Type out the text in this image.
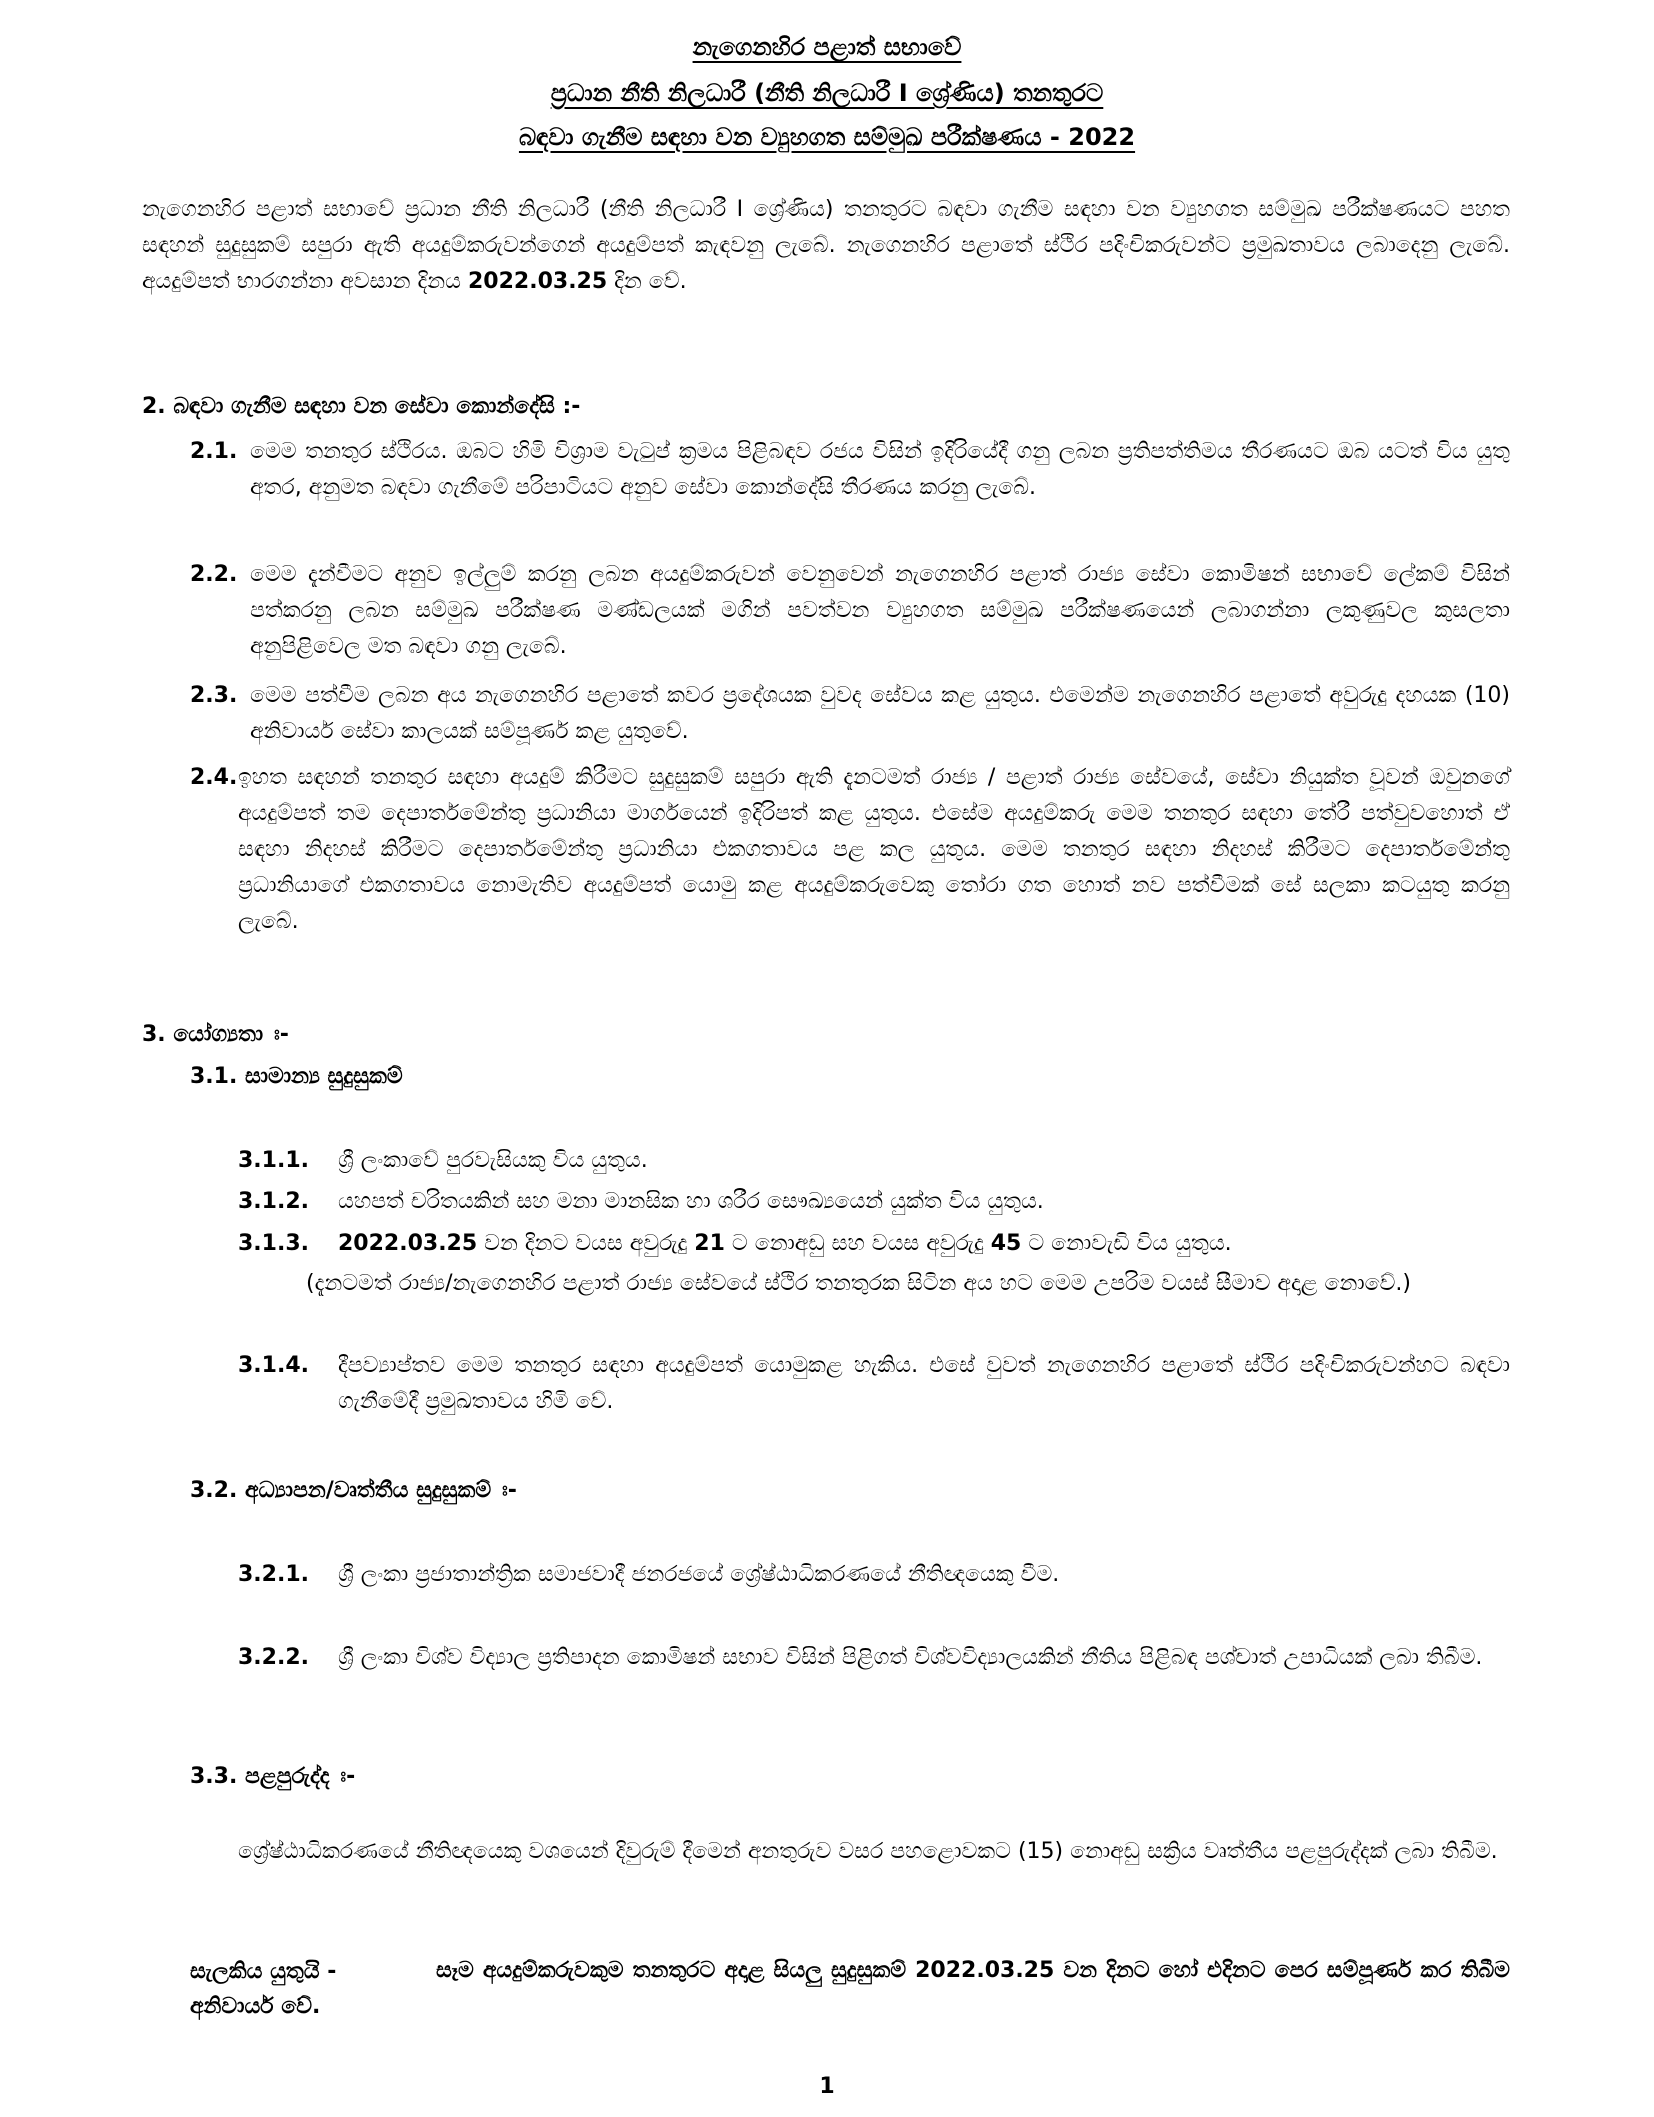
නැගෙනහිර පළාත් සභාවේ
ප්‍රධාන නීති නිලධාරී (නීති නිලධාරී I ශ්‍රේණිය) තනතුරට
බඳවා ගැනීම සඳහා වන ව්‍යුහගත සම්මුඛ පරීක්ෂණය - 2022

නැගෙනහිර පළාත් සභාවේ ප්‍රධාන නීති නිලධාරී (නීති නිලධාරී I ශ්‍රේණිය) තනතුරට බඳවා ගැනීම සඳහා වන ව්‍යුහගත සම්මුඛ පරීක්ෂණයට පහත සඳහන් සුදුසුකම් සපුරා ඇති අයදුම්කරුවන්ගෙන් අයදුම්පත් කැඳවනු ලැබේ. නැගෙනහිර පළාතේ ස්ථිර පදිංචිකරුවන්ට ප්‍රමුඛතාවය ලබාදෙනු ලැබේ. අයදුම්පත් භාරගන්නා අවසාන දිනය 2022.03.25 දින වේ.

2. බඳවා ගැනීම සඳහා වන සේවා කොන්දේසි :-
2.1. මෙම තනතුර ස්ථිරය. ඔබට හිමි විශ්‍රාම වැටුප් ක්‍රමය පිළිබඳව රජය විසින් ඉදිරියේදී ගනු ලබන ප්‍රතිපත්තිමය තීරණයට ඔබ යටත් විය යුතු අතර, අනුමත බඳවා ගැනීමේ පරිපාටියට අනුව සේවා කොන්දේසි තීරණය කරනු ලැබේ.

2.2. මෙම දැන්වීමට අනුව ඉල්ලුම් කරනු ලබන අයදුම්කරුවන් වෙනුවෙන් නැගෙනහිර පළාත් රාජ්‍ය සේවා කොමිෂන් සභාවේ ලේකම් විසින් පත්කරනු ලබන සම්මුඛ පරීක්ෂණ මණ්ඩලයක් මගින් පවත්වන ව්‍යුහගත සම්මුඛ පරීක්ෂණයෙන් ලබාගන්නා ලකුණුවල කුසලතා අනුපිළිවෙල මත බඳවා ගනු ලැබේ.

2.3. මෙම පත්වීම ලබන අය නැගෙනහිර පළාතේ කවර ප්‍රදේශයක වුවද සේවය කළ යුතුය. එමෙන්ම නැගෙනහිර පළාතේ අවුරුදු දහයක (10) අනිවාර්ය සේවා කාලයක් සම්පූර්ණ කළ යුතුවේ.

2.4. ඉහත සඳහන් තනතුර සඳහා අයදුම් කිරීමට සුදුසුකම් සපුරා ඇති දැනටමත් රාජ්‍ය / පළාත් රාජ්‍ය සේවයේ, සේවා නියුක්ත වූවන් ඔවුනගේ අයදුම්පත් තම දෙපාර්තමේන්තු ප්‍රධානියා මාර්ගයෙන් ඉදිරිපත් කළ යුතුය. එසේම අයදුම්කරු මෙම තනතුර සඳහා තේරී පත්වුවහොත් ඒ සඳහා නිදහස් කිරීමට දෙපාර්තමේන්තු ප්‍රධානියා එකගතාවය පළ කල යුතුය. මෙම තනතුර සඳහා නිදහස් කිරීමට දෙපාර්තමේන්තු ප්‍රධානියාගේ එකගතාවය නොමැතිව අයදුම්පත් යොමු කළ අයදුම්කරුවෙකු තෝරා ගත හොත් නව පත්වීමක් සේ සලකා කටයුතු කරනු ලැබේ.

3. යෝග්‍යතා ඃ-
3.1. සාමාන්‍ය සුදුසුකම්
3.1.1. ශ්‍රී ලංකාවේ පුරවැසියකු විය යුතුය.

3.1.2. යහපත් චරිතයකින් සහ මනා මානසික හා ශරීර සෞඛ්‍යයෙන් යුක්ත විය යුතුය.

3.1.3. 2022.03.25 වන දිනට වයස අවුරුදු 21 ට නොඅඩු සහ වයස අවුරුදු 45 ට නොවැඩි විය යුතුය.

(දැනටමත් රාජ්‍ය/නැගෙනහිර පළාත් රාජ්‍ය සේවයේ ස්ථිර තනතුරක සිටින අය හට මෙම උපරිම වයස් සීමාව අදාළ නොවේ.)

3.1.4. දීපව්‍යාප්තව මෙම තනතුර සඳහා අයදුම්පත් යොමුකළ හැකිය. එසේ වුවත් නැගෙනහිර පළාතේ ස්ථිර පදිංචිකරුවන්හට බඳවා ගැනීමේදී ප්‍රමුඛතාවය හිමි වේ.

3.2. අධ්‍යාපන/වෘත්තීය සුදුසුකම් ඃ-
3.2.1. ශ්‍රී ලංකා ප්‍රජාතාන්ත්‍රික සමාජවාදී ජනරජයේ ශ්‍රේෂ්ඨාධිකරණයේ නීතිඥයෙකු වීම.

3.2.2. ශ්‍රී ලංකා විශ්ව විද්‍යාල ප්‍රතිපාදන කොමිෂන් සභාව විසින් පිළිගත් විශ්වවිද්‍යාලයකින් නීතිය පිළිබඳ පශ්චාත් උපාධියක් ලබා තිබීම.

3.3. පළපුරුද්ද ඃ-

ශ්‍රේෂ්ඨාධිකරණයේ නීතිඥයෙකු වශයෙන් දිවුරුම් දීමෙන් අනතුරුව වසර පහළොවකට (15) නොඅඩු සක්‍රිය වෘත්තීය පළපුරුද්දක් ලබා තිබීම.

සැලකිය යුතුයි -	සෑම අයදුම්කරුවකුම තනතුරට අදාළ සියලු සුදුසුකම් 2022.03.25 වන දිනට හෝ එදිනට පෙර සම්පූර්ණ කර තිබීම අනිවාර්ය වේ.

1
